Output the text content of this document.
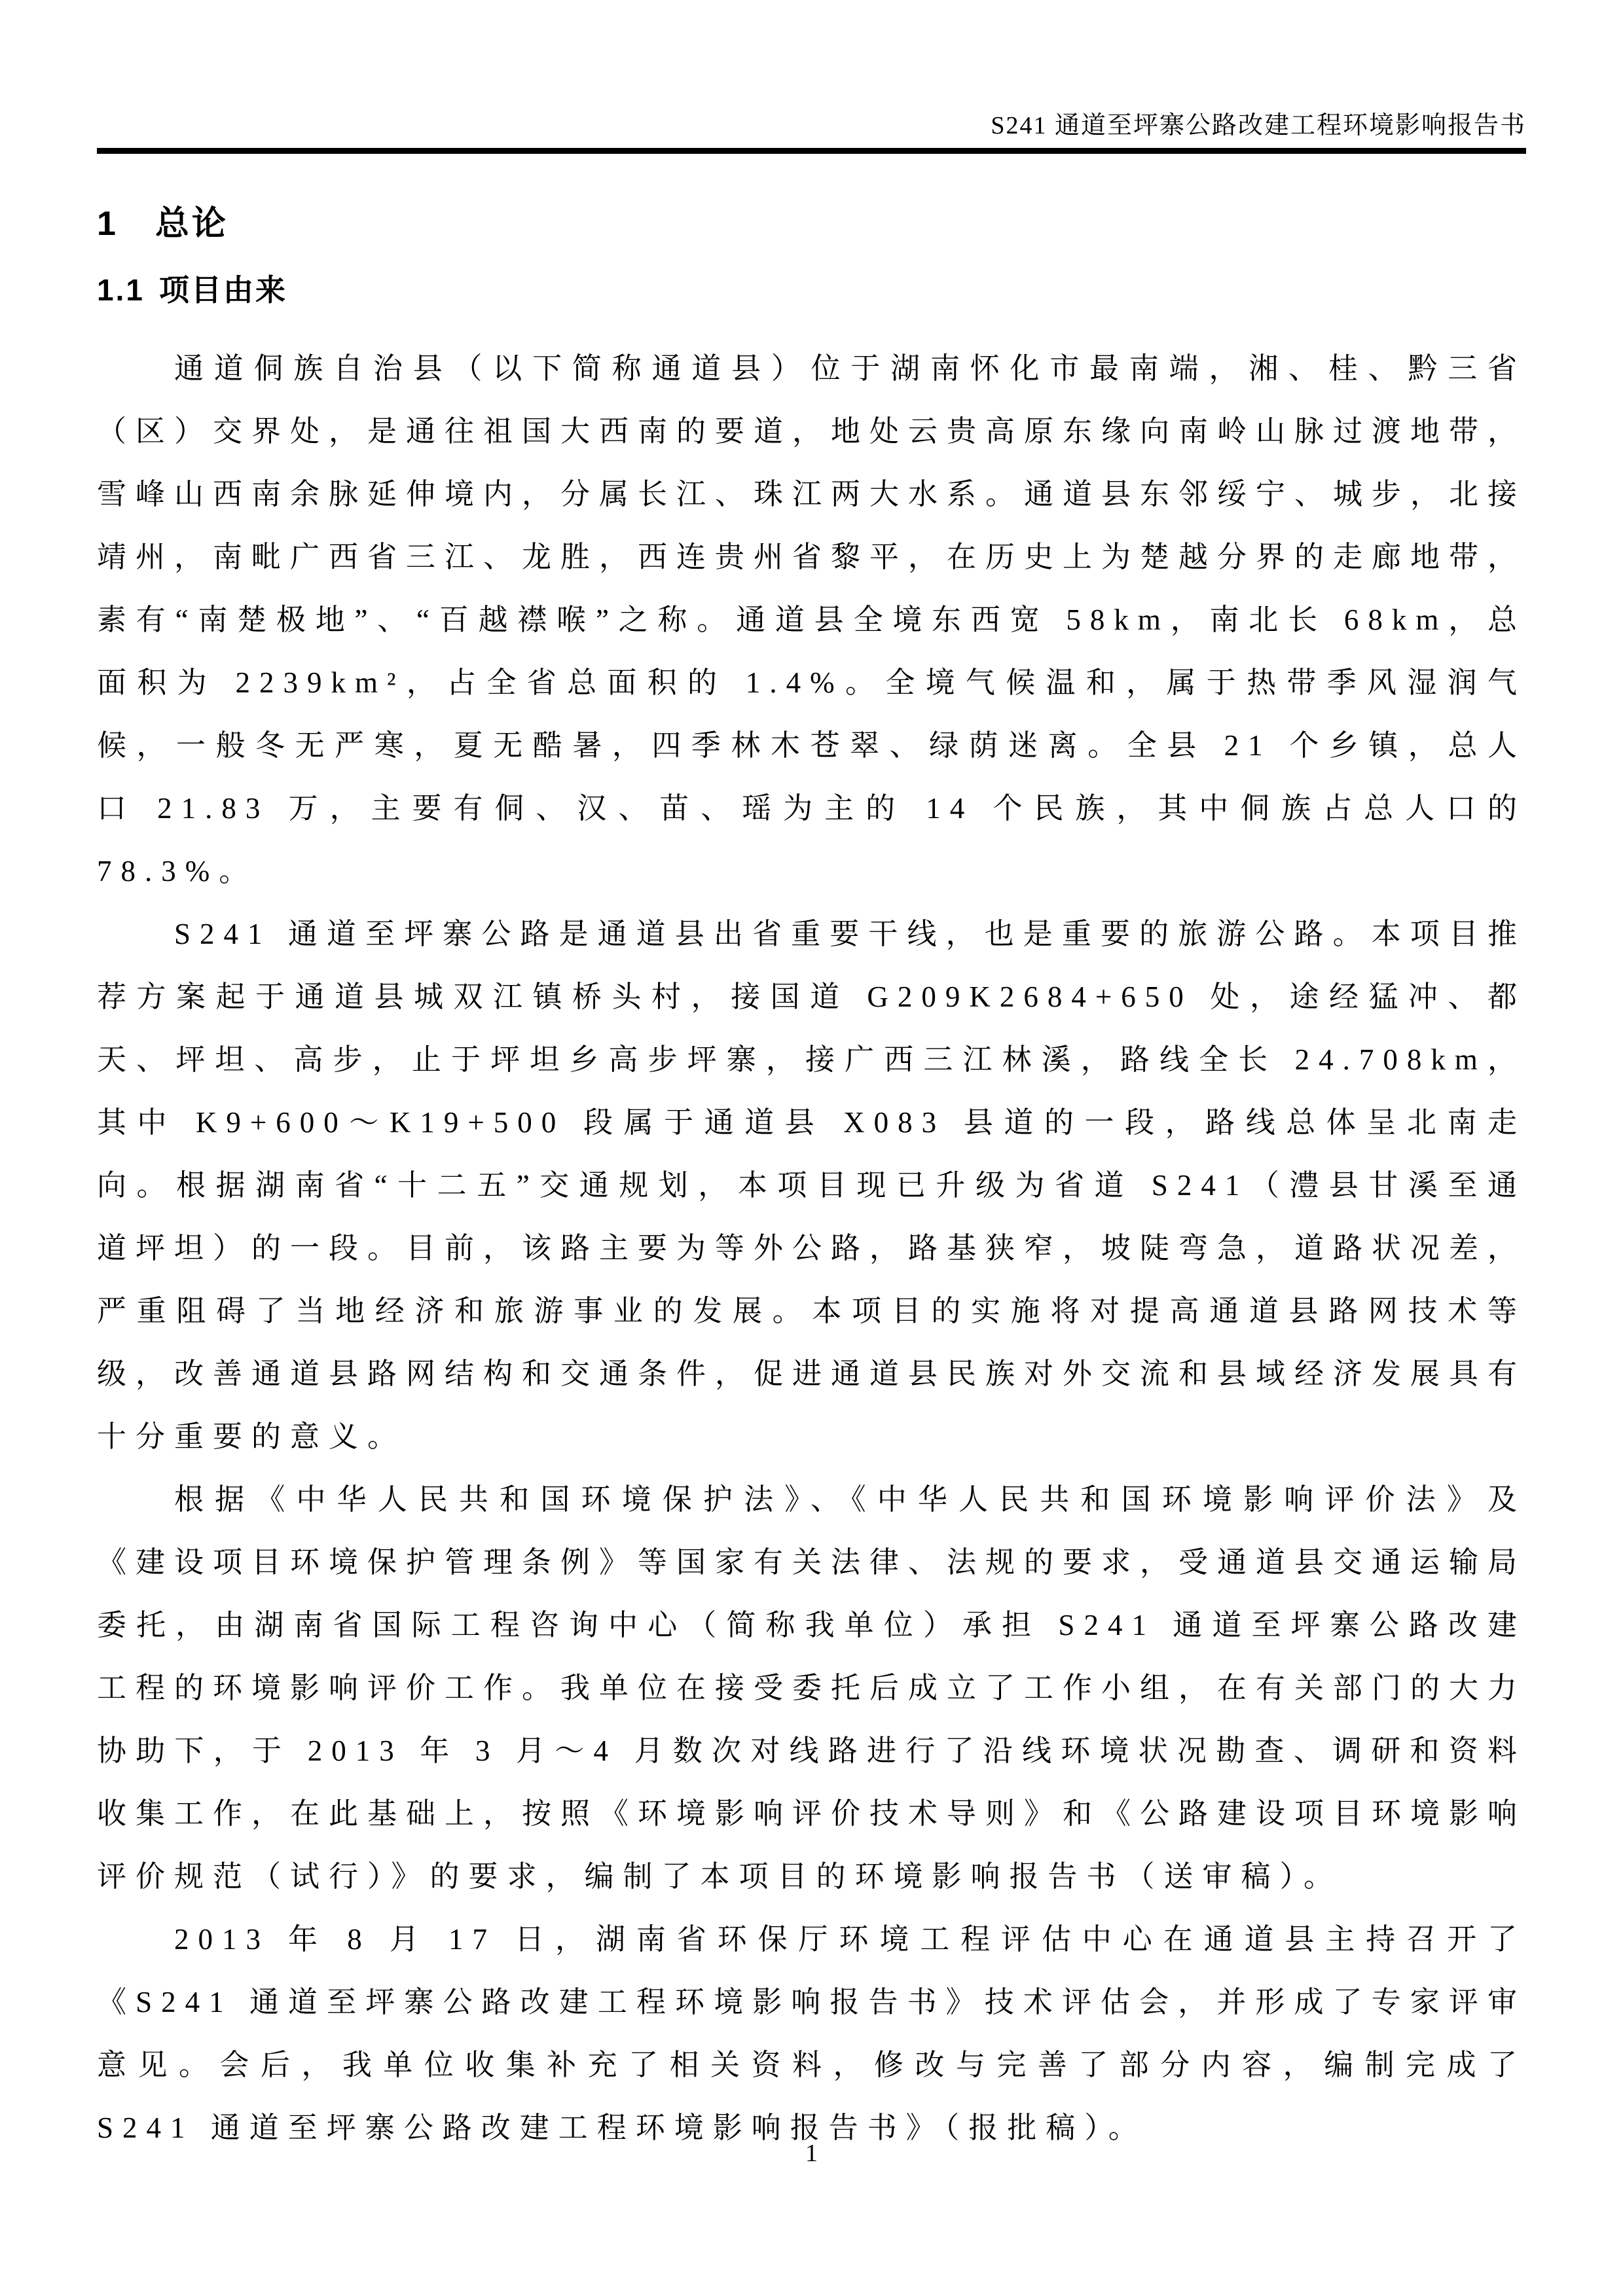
S241 通道至坪寨公路改建工程环境影响报告书
1 总论
1.1 项目由来

通道侗族自治县（以下简称通道县）位于湖南怀化市最南端，湘、桂、黔三省（区）交界处，是通往祖国大西南的要道，地处云贵高原东缘向南岭山脉过渡地带，雪峰山西南余脉延伸境内，分属长江、珠江两大水系。通道县东邻绥宁、城步，北接靖州，南毗广西省三江、龙胜，西连贵州省黎平，在历史上为楚越分界的走廊地带，素有“南楚极地”、“百越襟喉”之称。通道县全境东西宽 58km，南北长 68km，总面积为 2239km²，占全省总面积的 1.4%。全境气候温和，属于热带季风湿润气候，一般冬无严寒，夏无酷暑，四季林木苍翠、绿荫迷离。全县 21 个乡镇，总人口 21.83 万，主要有侗、汉、苗、瑶为主的 14 个民族，其中侗族占总人口的 78.3%。

S241 通道至坪寨公路是通道县出省重要干线，也是重要的旅游公路。本项目推荐方案起于通道县城双江镇桥头村，接国道 G209K2684+650 处，途经猛冲、都天、坪坦、高步，止于坪坦乡高步坪寨，接广西三江林溪，路线全长 24.708km，其中 K9+600～K19+500 段属于通道县 X083 县道的一段，路线总体呈北南走向。根据湖南省“十二五”交通规划，本项目现已升级为省道 S241（澧县甘溪至通道坪坦）的一段。目前，该路主要为等外公路，路基狭窄，坡陡弯急，道路状况差，严重阻碍了当地经济和旅游事业的发展。本项目的实施将对提高通道县路网技术等级，改善通道县路网结构和交通条件，促进通道县民族对外交流和县域经济发展具有十分重要的意义。

根据《中华人民共和国环境保护法》、《中华人民共和国环境影响评价法》及《建设项目环境保护管理条例》等国家有关法律、法规的要求，受通道县交通运输局委托，由湖南省国际工程咨询中心（简称我单位）承担 S241 通道至坪寨公路改建工程的环境影响评价工作。我单位在接受委托后成立了工作小组，在有关部门的大力协助下，于 2013 年 3 月～4 月数次对线路进行了沿线环境状况勘查、调研和资料收集工作，在此基础上，按照《环境影响评价技术导则》和《公路建设项目环境影响评价规范（试行）》的要求，编制了本项目的环境影响报告书（送审稿）。

2013 年 8 月 17 日，湖南省环保厅环境工程评估中心在通道县主持召开了《S241 通道至坪寨公路改建工程环境影响报告书》技术评估会，并形成了专家评审意见。会后，我单位收集补充了相关资料，修改与完善了部分内容，编制完成了 S241 通道至坪寨公路改建工程环境影响报告书》（报批稿）。

1
